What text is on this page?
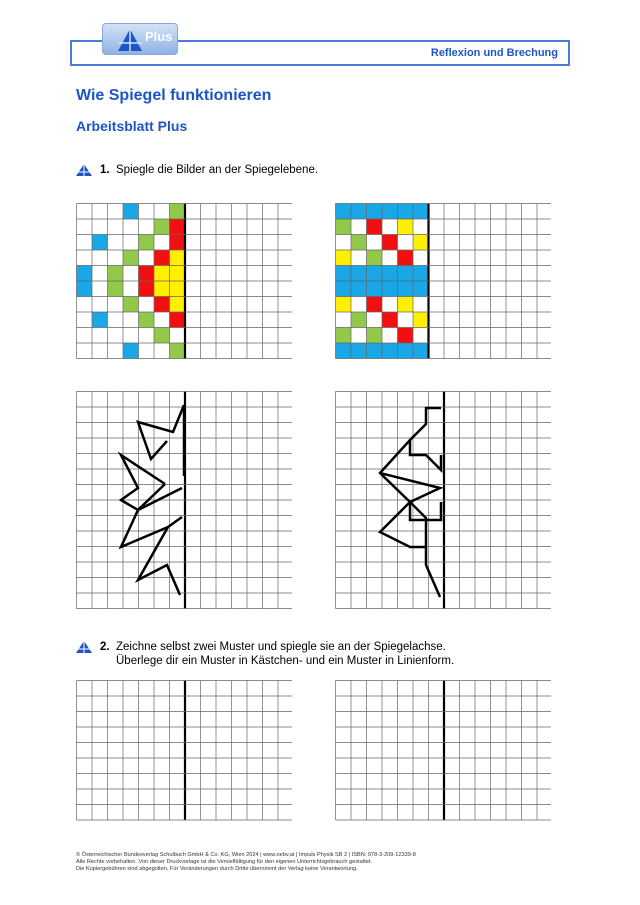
Reflexion und Brechung
Plus
Wie Spiegel funktionieren
Arbeitsblatt Plus
1. Spiegle die Bilder an der Spiegelebene.
2. Zeichne selbst zwei Muster und spiegle sie an der Spiegelachse.
Überlege dir ein Muster in Kästchen- und ein Muster in Linienform.
© Österreichischer Bundesverlag Schulbuch GmbH & Co. KG, Wien 2024 | www.oebv.at | Impuls Physik SB 2 | ISBN: 978-3-209-12339-8
Alle Rechte vorbehalten. Von dieser Druckvorlage ist die Vervielfältigung für den eigenen Unterrichtsgebrauch gestattet.
Die Kopiergebühren sind abgegolten. Für Veränderungen durch Dritte übernimmt der Verlag keine Verantwortung.
